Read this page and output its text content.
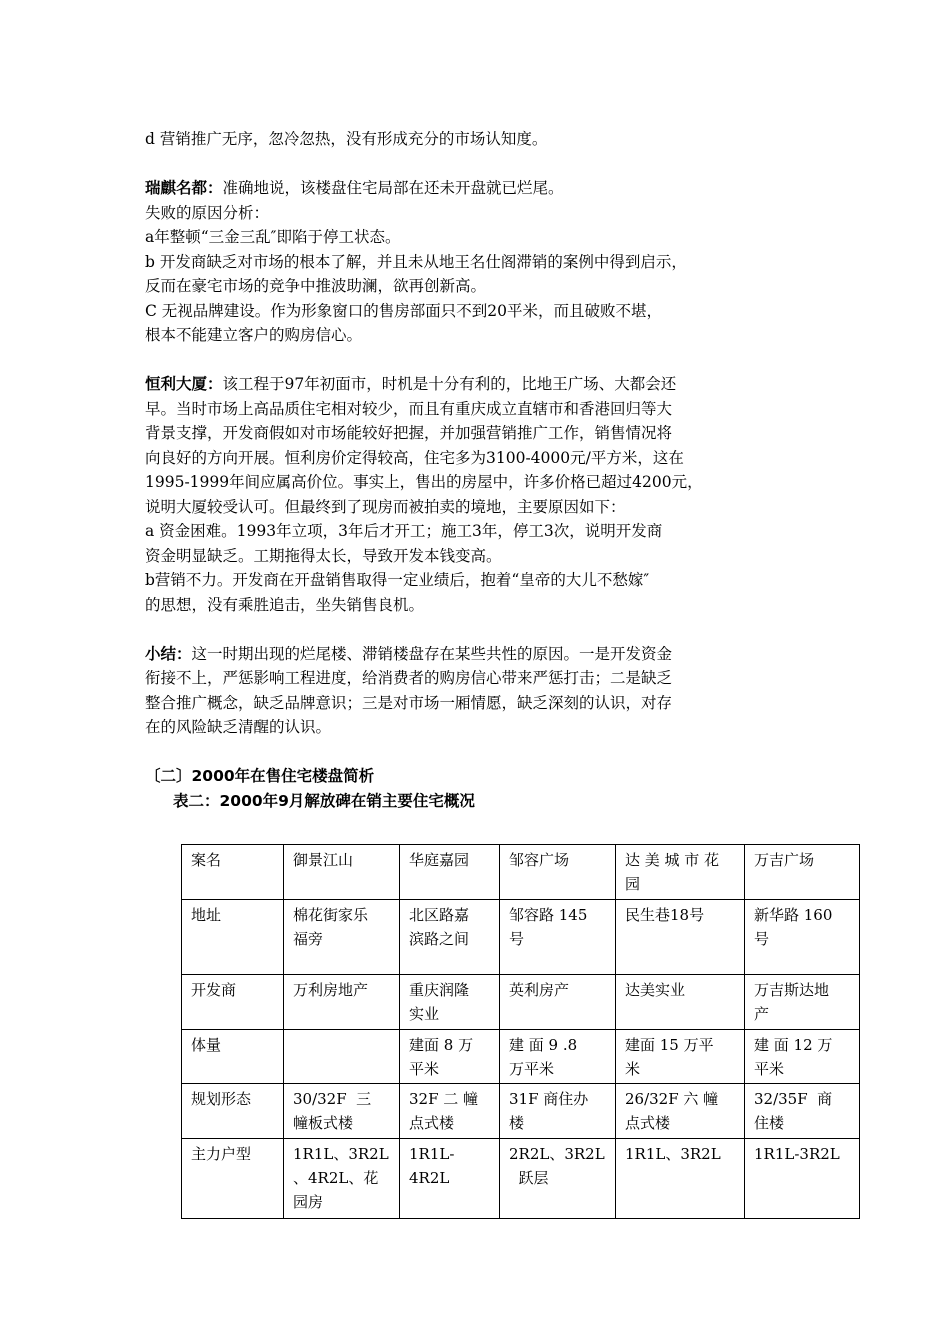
d 营销推广无序，忽冷忽热，没有形成充分的市场认知度。

瑞麒名都：准确地说，该楼盘住宅局部在还未开盘就已烂尾。
失败的原因分析：
a年整顿“三金三乱″即陷于停工状态。
b 开发商缺乏对市场的根本了解，并且未从地王名仕阁滞销的案例中得到启示，
反而在豪宅市场的竞争中推波助澜，欲再创新高。
C 无视品牌建设。作为形象窗口的售房部面只不到20平米，而且破败不堪，
根本不能建立客户的购房信心。

恒利大厦：该工程于97年初面市，时机是十分有利的，比地王广场、大都会还
早。当时市场上高品质住宅相对较少，而且有重庆成立直辖市和香港回归等大
背景支撑，开发商假如对市场能较好把握，并加强营销推广工作，销售情况将
向良好的方向开展。恒利房价定得较高，住宅多为3100-4000元/平方米，这在
1995-1999年间应属高价位。事实上，售出的房屋中，许多价格已超过4200元，
说明大厦较受认可。但最终到了现房而被拍卖的境地，主要原因如下：
a 资金困难。1993年立项，3年后才开工；施工3年，停工3次，说明开发商
资金明显缺乏。工期拖得太长，导致开发本钱变高。
b营销不力。开发商在开盘销售取得一定业绩后，抱着“皇帝的大儿不愁嫁″
的思想，没有乘胜追击，坐失销售良机。

小结：这一时期出现的烂尾楼、滞销楼盘存在某些共性的原因。一是开发资金
衔接不上，严惩影响工程进度，给消费者的购房信心带来严惩打击；二是缺乏
整合推广概念，缺乏品牌意识；三是对市场一厢情愿，缺乏深刻的认识，对存
在的风险缺乏清醒的认识。

〔二〕2000年在售住宅楼盘简析
表二：2000年9月解放碑在销主要住宅概况
案名	御景江山	华庭嘉园	邹容广场	达 美 城 市 花
园	万吉广场

地址	棉花街家乐
福旁	北区路嘉
滨路之间	邹容路 145
号	民生巷18号	新华路 160
号

开发商	万利房地产	重庆润隆
实业	英利房产	达美实业	万吉斯达地
产

体量		建面 8 万
平米	建 面 9 .8
万平米	建面 15 万平
米	建 面 12 万
平米

规划形态	30/32F  三
幢板式楼	32F 二 幢
点式楼	31F 商住办
楼	26/32F 六 幢
点式楼	32/35F  商
住楼

主力户型	1R1L、3R2L
、4R2L、花
园房	1R1L-
4R2L	2R2L、3R2L
跃层	1R1L、3R2L	1R1L-3R2L
